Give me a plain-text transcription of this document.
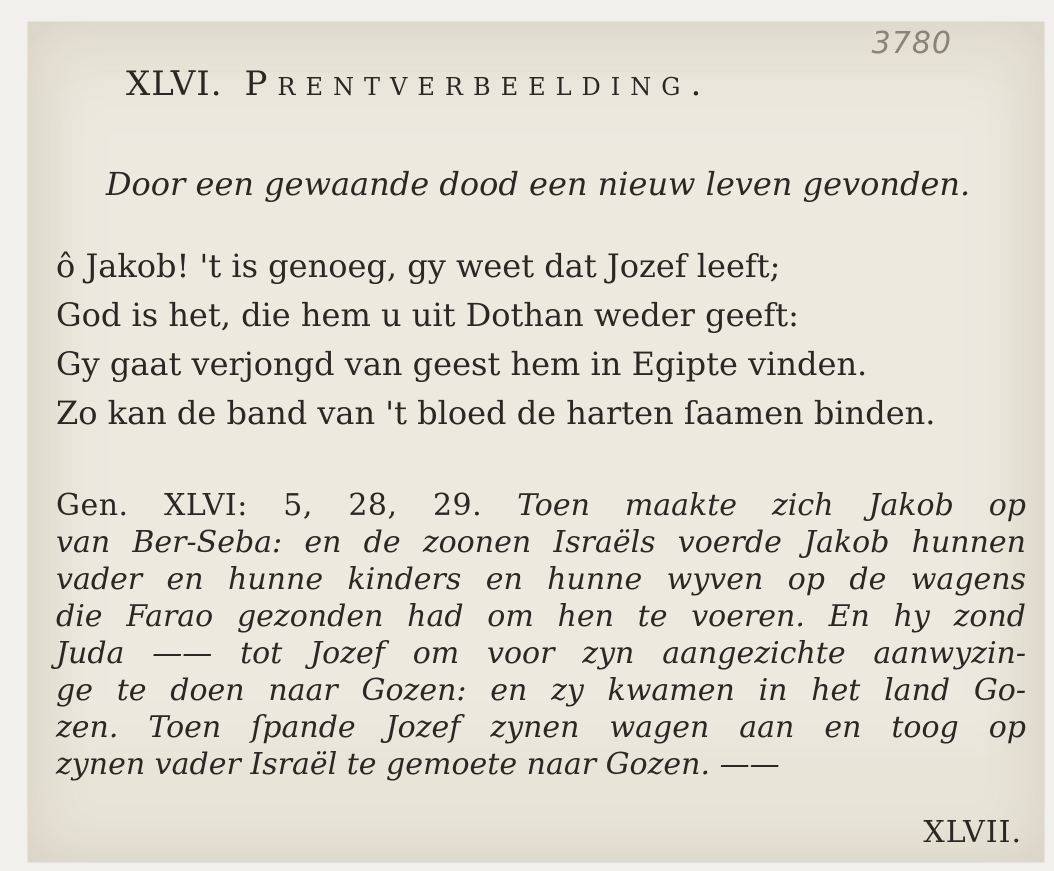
3780
XLVI. Prentverbeelding.
Door een gewaande dood een nieuw leven gevonden.
ô Jakob! 't is genoeg, gy weet dat Jozef leeft;
God is het, die hem u uit Dothan weder geeft:
Gy gaat verjongd van geest hem in Egipte vinden.
Zo kan de band van 't bloed de harten ſaamen binden.
Gen. XLVI: 5, 28, 29. Toen maakte zich Jakob op
van Ber-Seba: en de zoonen Israëls voerde Jakob hunnen
vader en hunne kinders en hunne wyven op de wagens
die Farao gezonden had om hen te voeren. En hy zond
Juda —— tot Jozef om voor zyn aangezichte aanwyzin-
ge te doen naar Gozen: en zy kwamen in het land Go-
zen. Toen ſpande Jozef zynen wagen aan en toog op
zynen vader Israël te gemoete naar Gozen. ——
XLVII.
